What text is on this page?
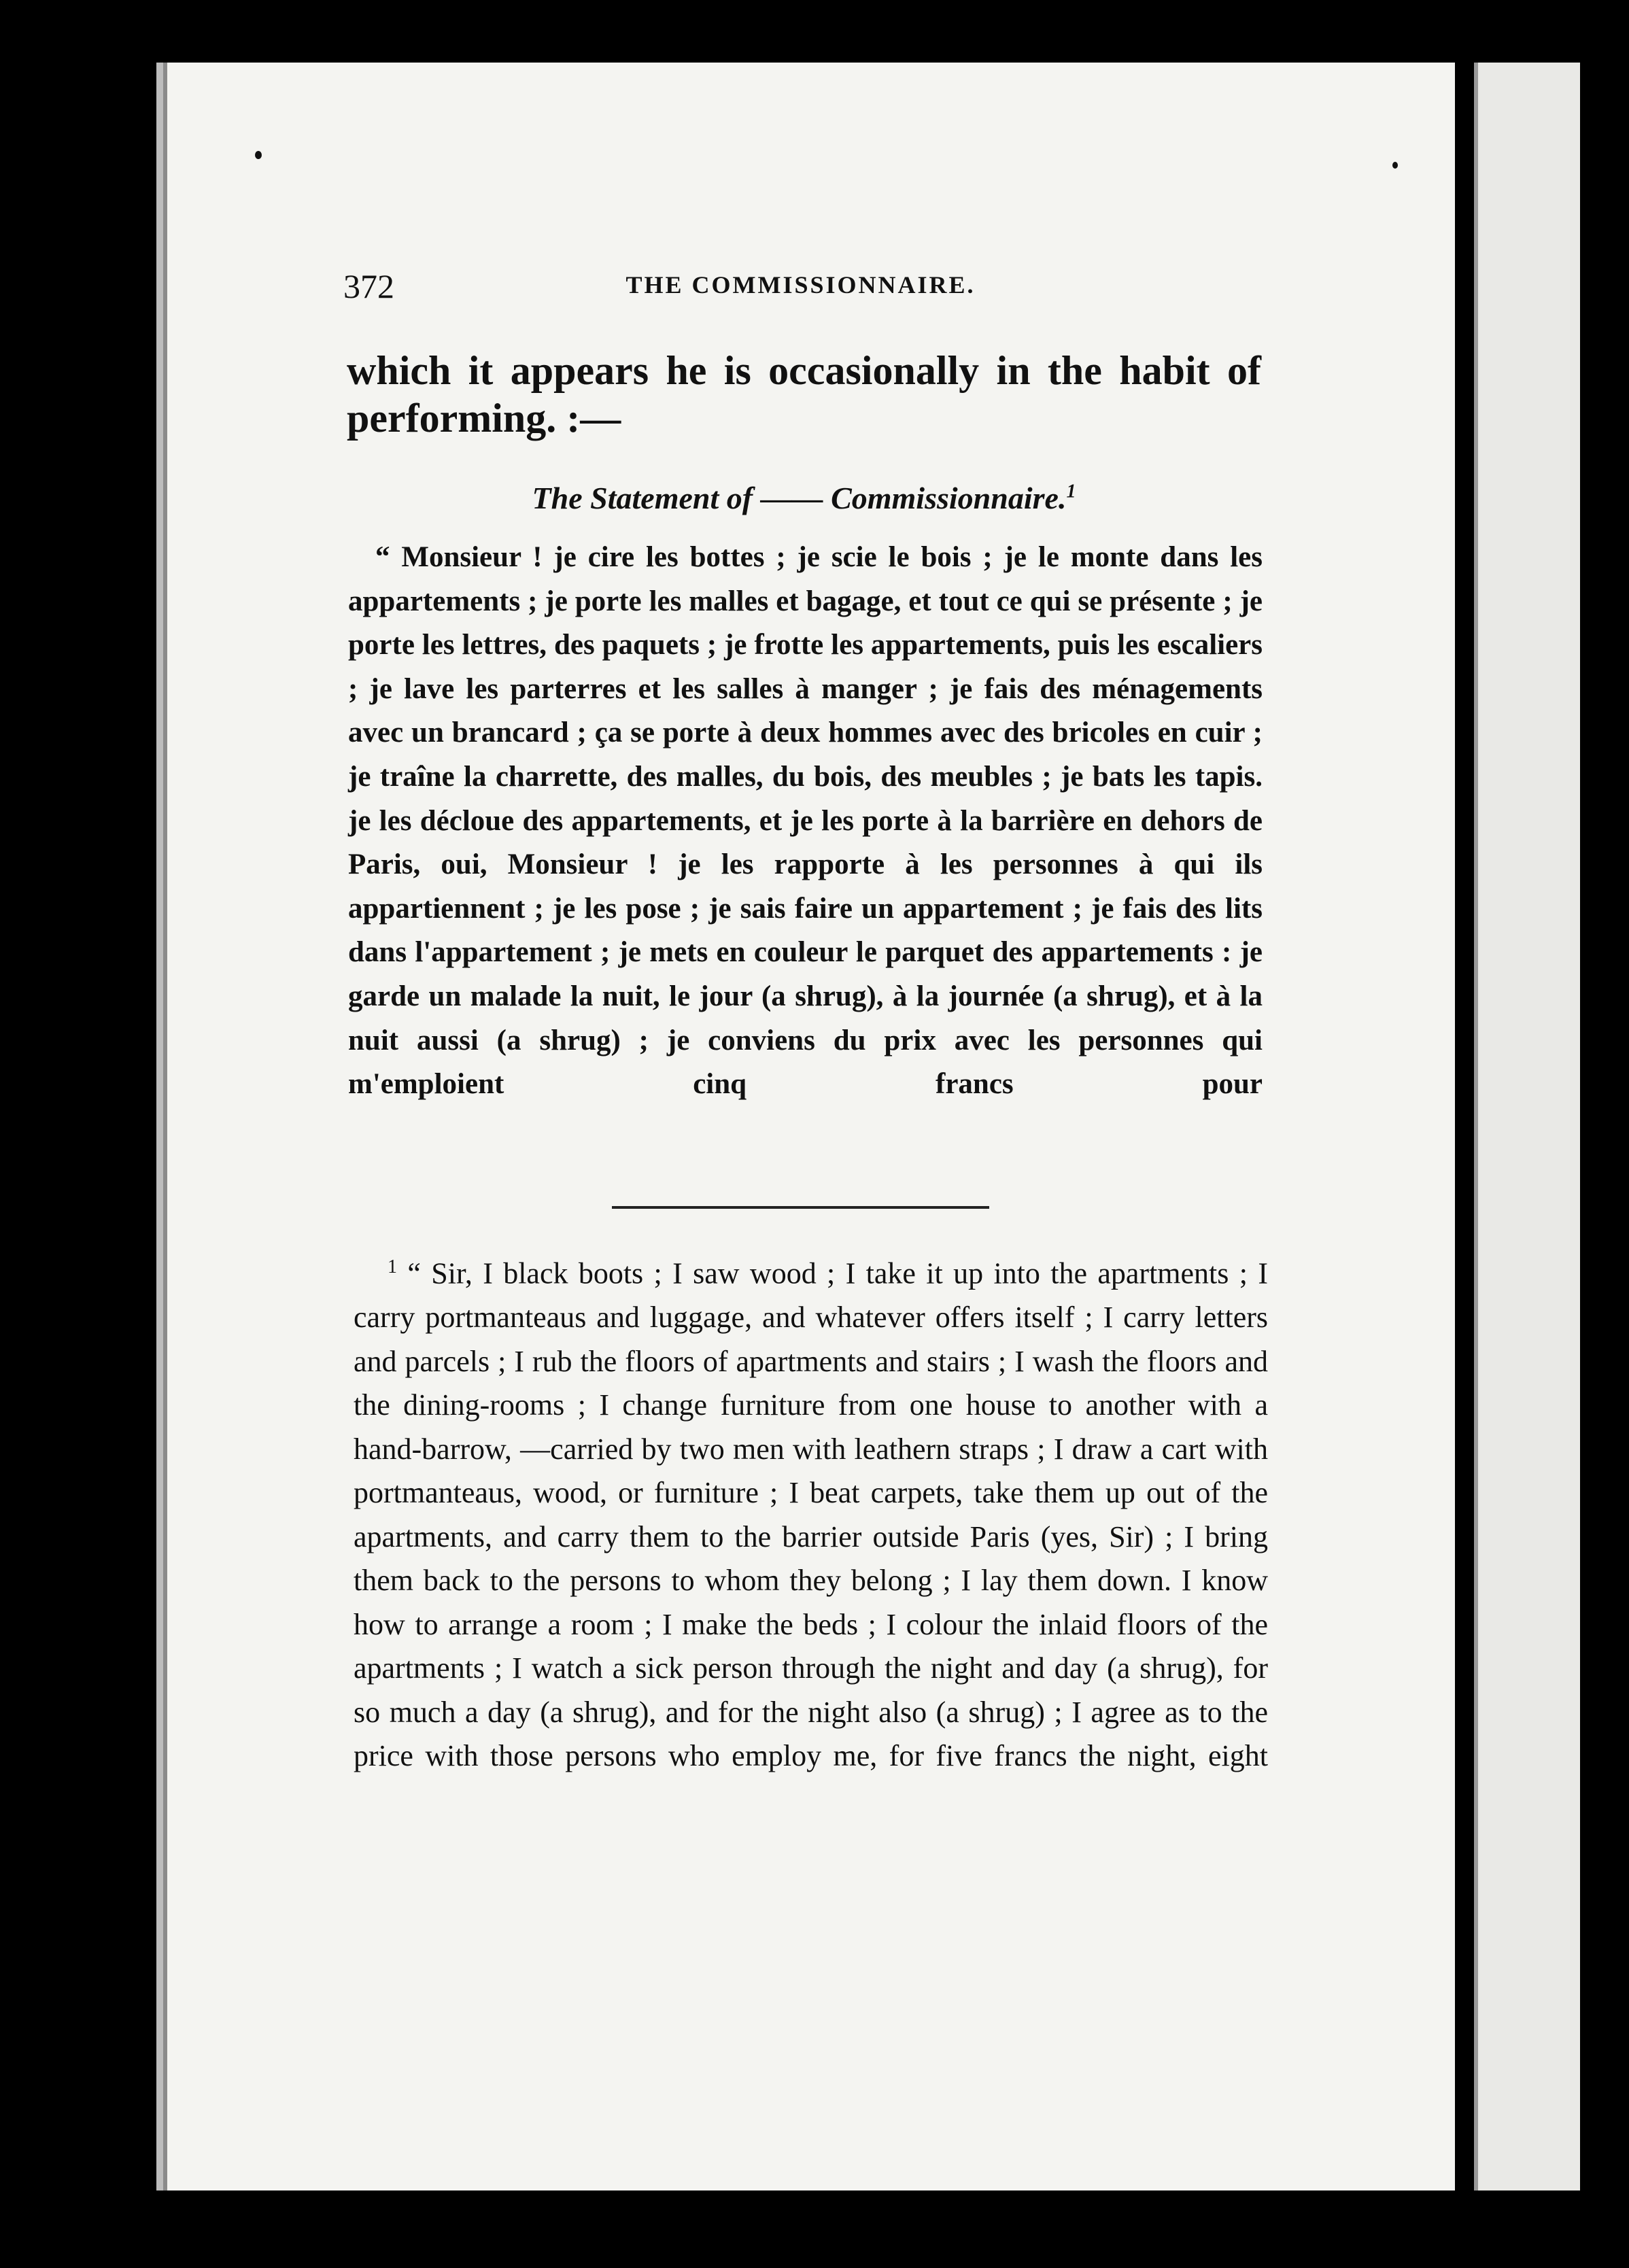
372	THE COMMISSIONNAIRE.
which it appears he is occasionally in the habit of performing. :—
The Statement of —— Commissionnaire.$^1$

“ Monsieur ! je cire les bottes ; je scie le bois ; je le monte dans les appartements ; je porte les malles et bagage, et tout ce qui se présente ; je porte les lettres, des paquets ; je frotte les appartements, puis les escaliers ; je lave les parterres et les salles à manger ; je fais des ménagements avec un brancard ; ça se porte à deux hommes avec des bricoles en cuir ; je traîne la charrette, des malles, du bois, des meubles ; je bats les tapis. je les décloue des appartements, et je les porte à la barrière en dehors de Paris, oui, Monsieur ! je les rapporte à les personnes à qui ils appartiennent ; je les pose ; je sais faire un appartement ; je fais des lits dans l'appartement ; je mets en couleur le parquet des appartements : je garde un malade la nuit, le jour (a shrug), à la journée (a shrug), et à la nuit aussi (a shrug) ; je conviens du prix avec les personnes qui m'emploient cinq francs pour

$^1$ “ Sir, I black boots ; I saw wood ; I take it up into the apartments ; I carry portmanteaus and luggage, and whatever offers itself ; I carry letters and parcels ; I rub the floors of apartments and stairs ; I wash the floors and the dining-rooms ; I change furniture from one house to another with a hand-barrow, —carried by two men with leathern straps ; I draw a cart with portmanteaus, wood, or furniture ; I beat carpets, take them up out of the apartments, and carry them to the barrier outside Paris (yes, Sir) ; I bring them back to the persons to whom they belong ; I lay them down. I know how to arrange a room ; I make the beds ; I colour the inlaid floors of the apartments ; I watch a sick person through the night and day (a shrug), for so much a day (a shrug), and for the night also (a shrug) ; I agree as to the price with those persons who employ me, for five francs the night, eight
